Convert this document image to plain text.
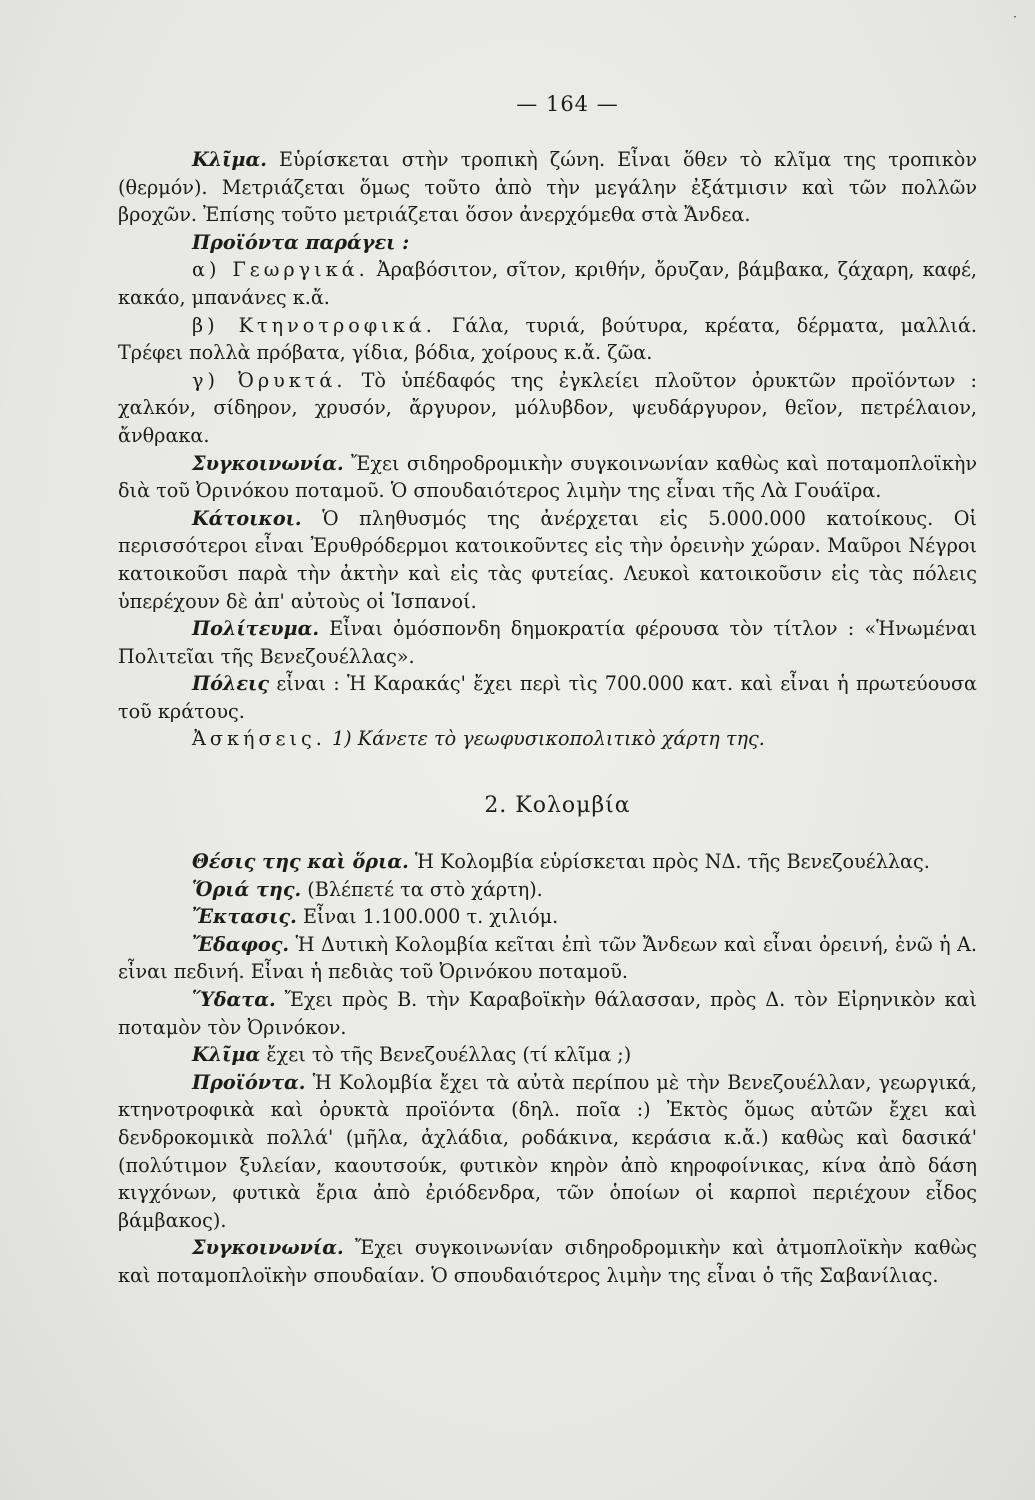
·
— 164 —

Κλῖμα. Εὑρίσκεται στὴν τροπικὴ ζώνη. Εἶναι ὅθεν τὸ κλῖμα της τροπικὸν (θερμόν). Μετριάζεται ὅμως τοῦτο ἀπὸ τὴν μεγάλην ἐξάτμισιν καὶ τῶν πολλῶν βροχῶν. Ἐπίσης τοῦτο μετριάζεται ὅσον ἀνερχόμεθα στὰ Ἄνδεα.

Προϊόντα παράγει :

α) Γεωργικά. Ἀραβόσιτον, σῖτον, κριθήν, ὄρυζαν, βάμβακα, ζάχαρη, καφέ, κακάο, μπανάνες κ.ἄ.

β) Κτηνοτροφικά. Γάλα, τυριά, βούτυρα, κρέατα, δέρματα, μαλλιά. Τρέφει πολλὰ πρόβατα, γίδια, βόδια, χοίρους κ.ἄ. ζῶα.

γ) Ὀρυκτά. Τὸ ὑπέδαφός της ἐγκλείει πλοῦτον ὀρυκτῶν προϊόντων : χαλκόν, σίδηρον, χρυσόν, ἄργυρον, μόλυβδον, ψευδάργυρον, θεῖον, πετρέλαιον, ἄνθρακα.

Συγκοινωνία. Ἔχει σιδηροδρομικὴν συγκοινωνίαν καθὼς καὶ ποταμοπλοϊκὴν διὰ τοῦ Ὀρινόκου ποταμοῦ. Ὁ σπουδαιότερος λιμὴν της εἶναι τῆς Λὰ Γουάϊρα.

Κάτοικοι. Ὁ πληθυσμός της ἀνέρχεται εἰς 5.000.000 κατοίκους. Οἱ περισσότεροι εἶναι Ἐρυθρόδερμοι κατοικοῦντες εἰς τὴν ὀρεινὴν χώραν. Μαῦροι Νέγροι κατοικοῦσι παρὰ τὴν ἀκτὴν καὶ εἰς τὰς φυτείας. Λευκοὶ κατοικοῦσιν εἰς τὰς πόλεις ὑπερέχουν δὲ ἀπ' αὐτοὺς οἱ Ἱσπανοί.

Πολίτευμα. Εἶναι ὁμόσπονδη δημοκρατία φέρουσα τὸν τίτλον : «Ἡνωμέναι Πολιτεῖαι τῆς Βενεζουέλλας».

Πόλεις εἶναι : Ἡ Καρακάς' ἔχει περὶ τὶς 700.000 κατ. καὶ εἶναι ἡ πρωτεύουσα τοῦ κράτους.

Ἀσκήσεις. 1) Κάνετε τὸ γεωφυσικοπολιτικὸ χάρτη της.

2. Κολομβία

Θέσις της καὶ ὅρια. Ἡ Κολομβία εὑρίσκεται πρὸς ΝΔ. τῆς Βενεζουέλλας.

Ὅριά της. (Βλέπετέ τα στὸ χάρτη).

Ἔκτασις. Εἶναι 1.100.000 τ. χιλιόμ.

Ἔδαφος. Ἡ Δυτικὴ Κολομβία κεῖται ἐπὶ τῶν Ἄνδεων καὶ εἶναι ὀρεινή, ἐνῶ ἡ Α. εἶναι πεδινή. Εἶναι ἡ πεδιὰς τοῦ Ὀρινόκου ποταμοῦ.

Ὕδατα. Ἔχει πρὸς Β. τὴν Καραβοϊκὴν θάλασσαν, πρὸς Δ. τὸν Εἰρηνικὸν καὶ ποταμὸν τὸν Ὀρινόκον.

Κλῖμα ἔχει τὸ τῆς Βενεζουέλλας (τί κλῖμα ;)

Προϊόντα. Ἡ Κολομβία ἔχει τὰ αὐτὰ περίπου μὲ τὴν Βενεζουέλλαν, γεωργικά, κτηνοτροφικὰ καὶ ὀρυκτὰ προϊόντα (δηλ. ποῖα :) Ἐκτὸς ὅμως αὐτῶν ἔχει καὶ δενδροκομικὰ πολλά' (μῆλα, ἀχλάδια, ροδάκινα, κεράσια κ.ἄ.) καθὼς καὶ δασικά' (πολύτιμον ξυλείαν, καουτσούκ, φυτικὸν κηρὸν ἀπὸ κηροφοίνικας, κίνα ἀπὸ δάση κιγχόνων, φυτικὰ ἔρια ἀπὸ ἐριόδενδρα, τῶν ὁποίων οἱ καρποὶ περιέχουν εἶδος βάμβακος).

Συγκοινωνία. Ἔχει συγκοινωνίαν σιδηροδρομικὴν καὶ ἀτμοπλοϊκὴν καθὼς καὶ ποταμοπλοϊκὴν σπουδαίαν. Ὁ σπουδαιότερος λιμὴν της εἶναι ὁ τῆς Σαβανίλιας.
